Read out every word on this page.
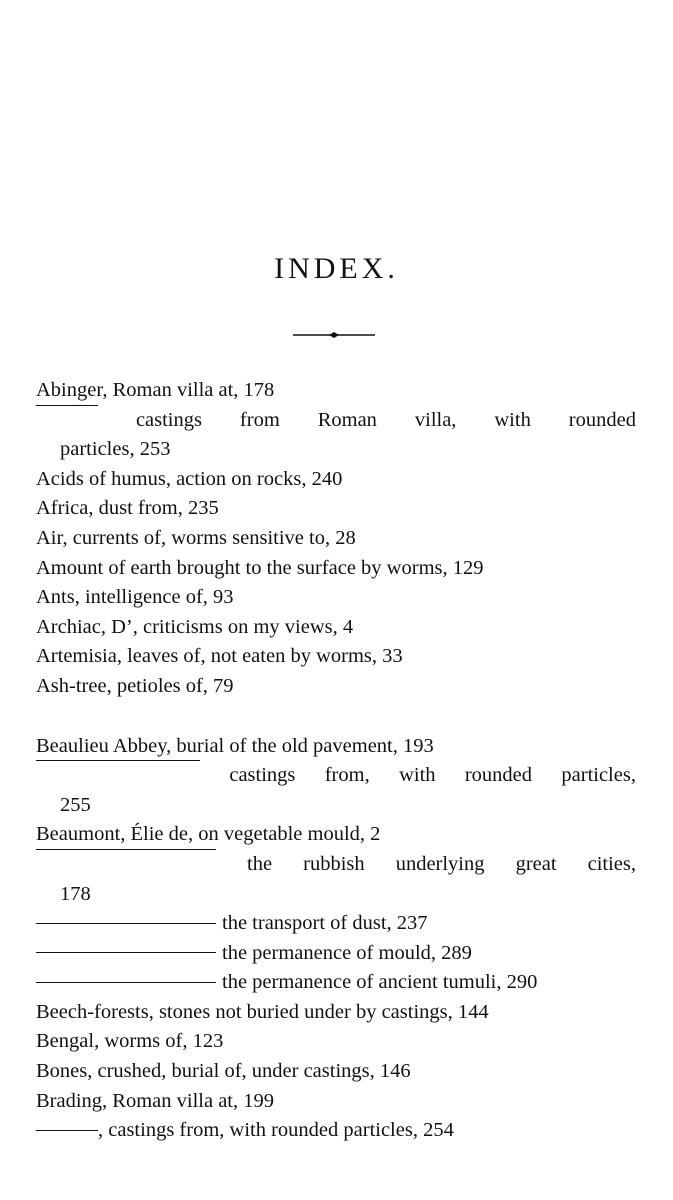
INDEX.
Abinger, Roman villa at, 178
castings from Roman villa, with rounded
particles, 253
Acids of humus, action on rocks, 240
Africa, dust from, 235
Air, currents of, worms sensitive to, 28
Amount of earth brought to the surface by worms, 129
Ants, intelligence of, 93
Archiac, D’, criticisms on my views, 4
Artemisia, leaves of, not eaten by worms, 33
Ash-tree, petioles of, 79
Beaulieu Abbey, burial of the old pavement, 193
castings from, with rounded particles,
255
Beaumont, Élie de, on vegetable mould, 2
the rubbish underlying great cities,
178
the transport of dust, 237
the permanence of mould, 289
the permanence of ancient tumuli, 290
Beech-forests, stones not buried under by castings, 144
Bengal, worms of, 123
Bones, crushed, burial of, under castings, 146
Brading, Roman villa at, 199
, castings from, with rounded particles, 254
